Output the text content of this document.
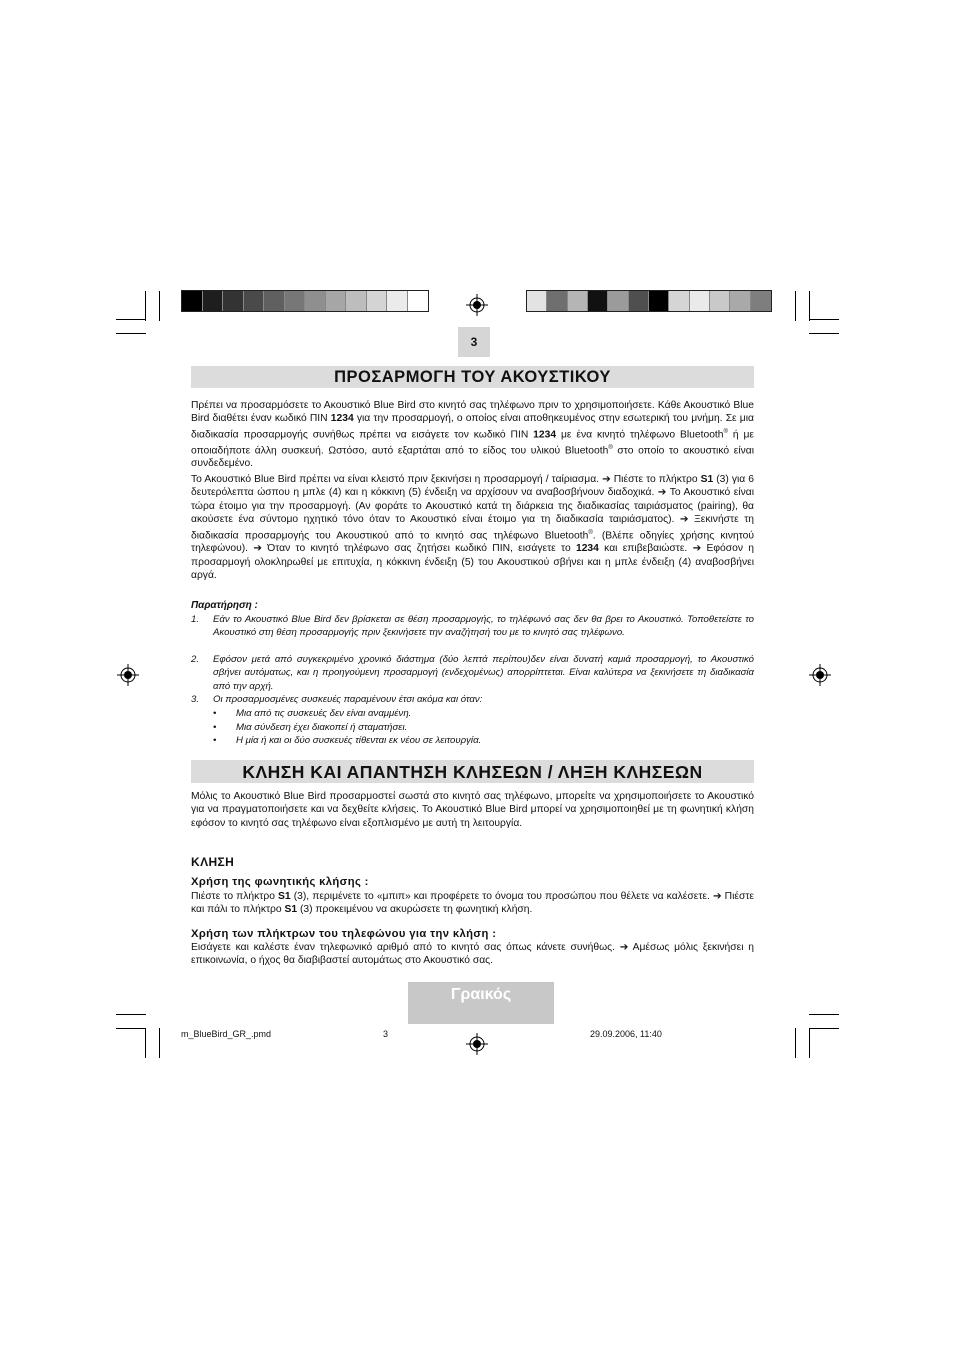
3
ΠΡΟΣΑΡΜΟΓΗ ΤΟΥ ΑΚΟΥΣΤΙΚΟΥ
Πρέπει να προσαρμόσετε το Ακουστικό Blue Bird στο κινητό σας τηλέφωνο πριν το χρησιμοποιήσετε. Κάθε Ακουστικό Blue Bird διαθέτει έναν κωδικό ΠΙΝ 1234 για την προσαρμογή, ο οποίος είναι αποθηκευμένος στην εσωτερική του μνήμη. Σε μια διαδικασία προσαρμογής συνήθως πρέπει να εισάγετε τον κωδικό ΠΙΝ 1234 με ένα κινητό τηλέφωνο Bluetooth® ή με οποιαδήποτε άλλη συσκευή. Ωστόσο, αυτό εξαρτάται από το είδος του υλικού Bluetooth® στο οποίο το ακουστικό είναι συνδεδεμένο.
Το Ακουστικό Blue Bird πρέπει να είναι κλειστό πριν ξεκινήσει η προσαρμογή / ταίριασμα. ➔ Πιέστε το πλήκτρο S1 (3) για 6 δευτερόλεπτα ώσπου η μπλε (4) και η κόκκινη (5) ένδειξη να αρχίσουν να αναβοσβήνουν διαδοχικά. ➔ Το Ακουστικό είναι τώρα έτοιμο για την προσαρμογή. (Αν φοράτε το Ακουστικό κατά τη διάρκεια της διαδικασίας ταιριάσματος (pairing), θα ακούσετε ένα σύντομο ηχητικό τόνο όταν το Ακουστικό είναι έτοιμο για τη διαδικασία ταιριάσματος). ➔ Ξεκινήστε τη διαδικασία προσαρμογής του Ακουστικού από το κινητό σας τηλέφωνο Bluetooth®. (Βλέπε οδηγίες χρήσης κινητού τηλεφώνου). ➔ Όταν το κινητό τηλέφωνο σας ζητήσει κωδικό ΠΙΝ, εισάγετε το 1234 και επιβεβαιώστε. ➔ Εφόσον η προσαρμογή ολοκληρωθεί με επιτυχία, η κόκκινη ένδειξη (5) του Ακουστικού σβήνει και η μπλε ένδειξη (4) αναβοσβήνει αργά.
Παρατήρηση :
1. Εάν το Ακουστικό Blue Bird δεν βρίσκεται σε θέση προσαρμογής, το τηλέφωνό σας δεν θα βρει το Ακουστικό. Τοποθετείστε το Ακουστικό στη θέση προσαρμογής πριν ξεκινήσετε την αναζήτησή του με το κινητό σας τηλέφωνο.
2. Εφόσον μετά από συγκεκριμένο χρονικό διάστημα (δύο λεπτά περίπου)δεν είναι δυνατή καμιά προσαρμογή, το Ακουστικό σβήνει αυτόματως, και η προηγούμενη προσαρμογή (ενδεχομένως) απορρίπτεται. Είναι καλύτερα να ξεκινήσετε τη διαδικασία από την αρχή.
3. Οι προσαρμοσμένες συσκευές παραμένουν έτσι ακόμα και όταν:
• Μια από τις συσκευές δεν είναι αναμμένη.
• Μια σύνδεση έχει διακοπεί ή σταματήσει.
• Η μία ή και οι δύο συσκευές τίθενται εκ νέου σε λειτουργία.
ΚΛΗΣΗ ΚΑΙ ΑΠΑΝΤΗΣΗ ΚΛΗΣΕΩΝ / ΛΗΞΗ ΚΛΗΣΕΩΝ
Μόλις το Ακουστικό Blue Bird προσαρμοστεί σωστά στο κινητό σας τηλέφωνο, μπορείτε να χρησιμοποιήσετε το Ακουστικό για να πραγματοποιήσετε και να δεχθείτε κλήσεις. Το Ακουστικό Blue Bird μπορεί να χρησιμοποιηθεί με τη φωνητική κλήση εφόσον το κινητό σας τηλέφωνο είναι εξοπλισμένο με αυτή τη λειτουργία.
ΚΛΗΣΗ
Χρήση της φωνητικής κλήσης :
Πιέστε το πλήκτρο S1 (3), περιμένετε το «μπιπ» και προφέρετε το όνομα του προσώπου που θέλετε να καλέσετε. ➔ Πιέστε και πάλι το πλήκτρο S1 (3) προκειμένου να ακυρώσετε τη φωνητική κλήση.
Χρήση των πλήκτρων του τηλεφώνου για την κλήση :
Εισάγετε και καλέστε έναν τηλεφωνικό αριθμό από το κινητό σας όπως κάνετε συνήθως. ➔ Αμέσως μόλις ξεκινήσει η επικοινωνία, ο ήχος θα διαβιβαστεί αυτομάτως στο Ακουστικό σας.
Γραικός
m_BlueBird_GR_.pmd	3	29.09.2006, 11:40
